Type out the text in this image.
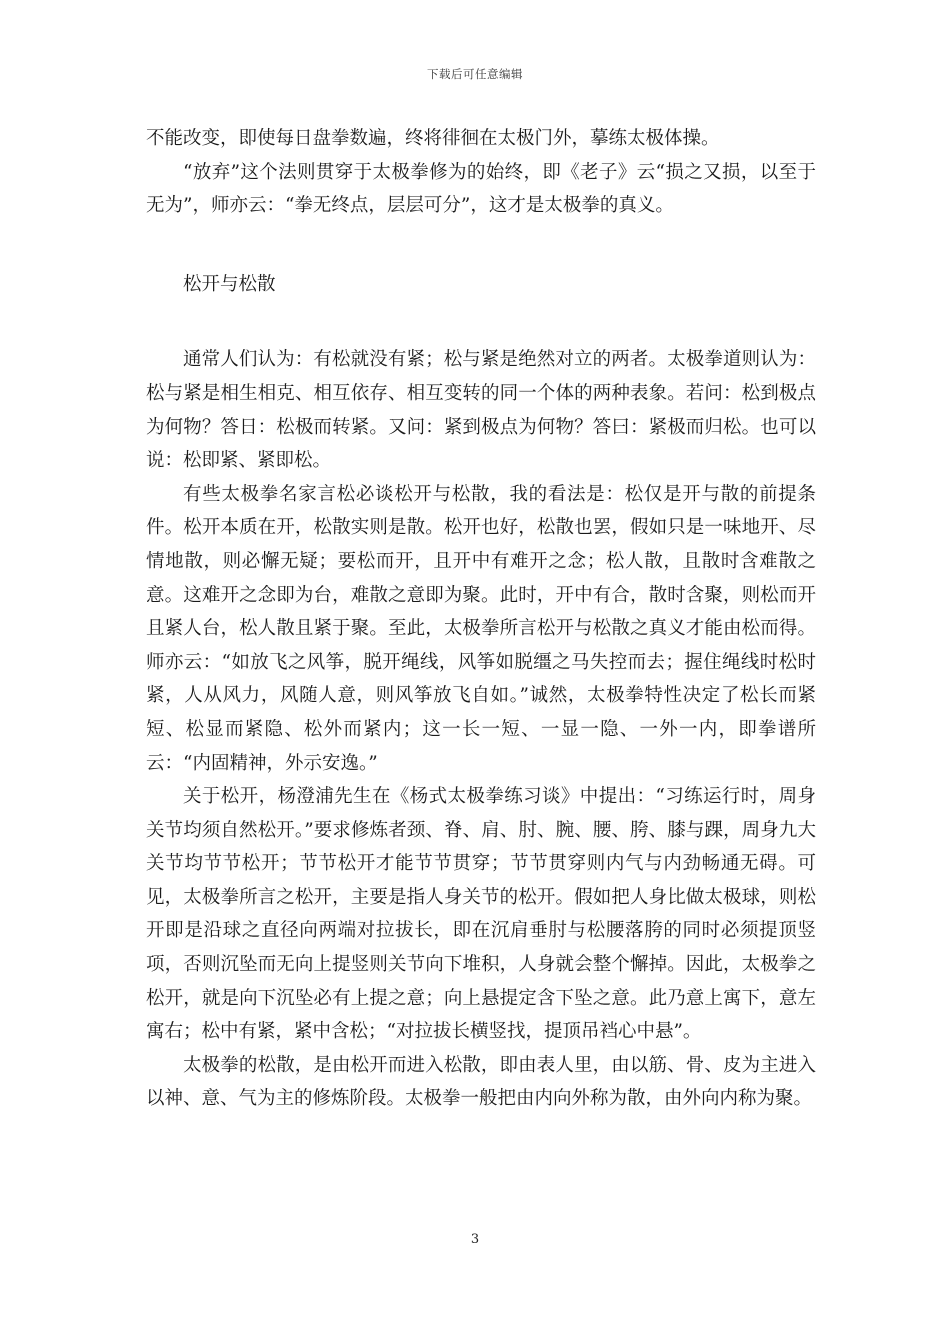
下载后可任意编辑

不能改变，即使每日盘拳数遍，终将徘徊在太极门外，摹练太极体操。

“放弃”这个法则贯穿于太极拳修为的始终，即《老子》云“损之又损，以至于无为”，师亦云：“拳无终点，层层可分”，这才是太极拳的真义。

松开与松散

通常人们认为：有松就没有紧；松与紧是绝然对立的两者。太极拳道则认为：松与紧是相生相克、相互依存、相互变转的同一个体的两种表象。若问：松到极点为何物？答日：松极而转紧。又问：紧到极点为何物？答曰：紧极而归松。也可以说：松即紧、紧即松。

有些太极拳名家言松必谈松开与松散，我的看法是：松仅是开与散的前提条件。松开本质在开，松散实则是散。松开也好，松散也罢，假如只是一味地开、尽情地散，则必懈无疑；要松而开，且开中有难开之念；松人散，且散时含难散之意。这难开之念即为台，难散之意即为聚。此时，开中有合，散时含聚，则松而开且紧人台，松人散且紧于聚。至此，太极拳所言松开与松散之真义才能由松而得。师亦云：“如放飞之风筝，脱开绳线，风筝如脱缰之马失控而去；握住绳线时松时紧，人从风力，风随人意，则风筝放飞自如。”诚然，太极拳特性决定了松长而紧短、松显而紧隐、松外而紧内；这一长一短、一显一隐、一外一内，即拳谱所云：“内固精神，外示安逸。”

关于松开，杨澄浦先生在《杨式太极拳练习谈》中提出：“习练运行时，周身关节均须自然松开。”要求修炼者颈、脊、肩、肘、腕、腰、胯、膝与踝，周身九大关节均节节松开；节节松开才能节节贯穿；节节贯穿则内气与内劲畅通无碍。可见，太极拳所言之松开，主要是指人身关节的松开。假如把人身比做太极球，则松开即是沿球之直径向两端对拉拔长，即在沉肩垂肘与松腰落胯的同时必须提顶竖项，否则沉坠而无向上提竖则关节向下堆积，人身就会整个懈掉。因此，太极拳之松开，就是向下沉坠必有上提之意；向上悬提定含下坠之意。此乃意上寓下，意左寓右；松中有紧，紧中含松；“对拉拔长横竖找，提顶吊裆心中悬”。

太极拳的松散，是由松开而进入松散，即由表人里，由以筋、骨、皮为主进入以神、意、气为主的修炼阶段。太极拳一般把由内向外称为散，由外向内称为聚。

3
